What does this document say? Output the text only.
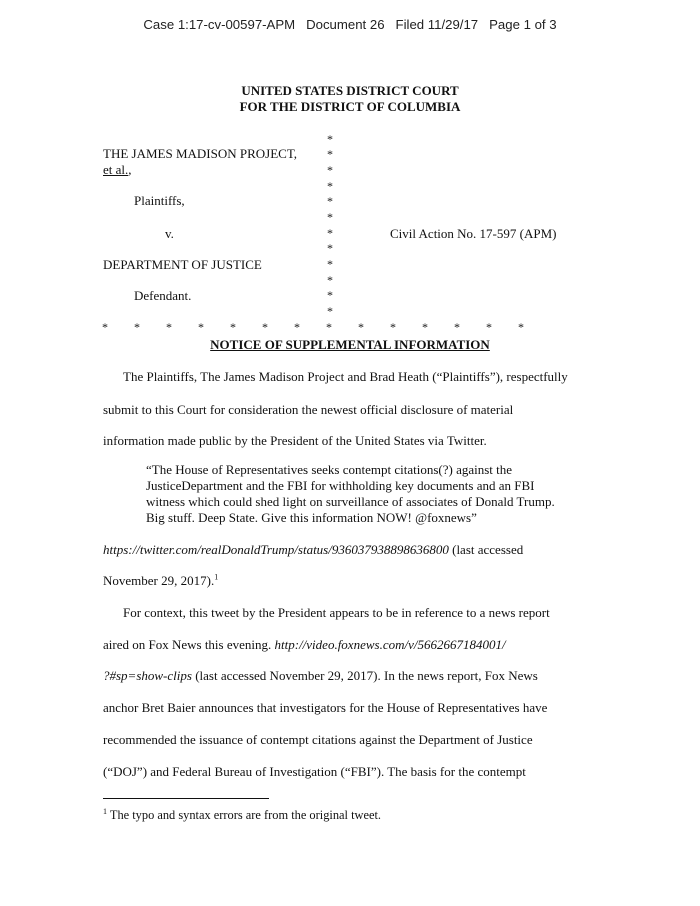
Case 1:17-cv-00597-APM   Document 26   Filed 11/29/17   Page 1 of 3
UNITED STATES DISTRICT COURT
FOR THE DISTRICT OF COLUMBIA
THE JAMES MADISON PROJECT,
et al.,
Plaintiffs,
v.	Civil Action No. 17-597 (APM)
DEPARTMENT OF JUSTICE
Defendant.
*
*
*
*
*
*
*
*
*
*
*
*
* * * * * * * * * * * * * *
NOTICE OF SUPPLEMENTAL INFORMATION
The Plaintiffs, The James Madison Project and Brad Heath (“Plaintiffs”), respectfully
submit to this Court for consideration the newest official disclosure of material
information made public by the President of the United States via Twitter.
“The House of Representatives seeks contempt citations(?) against the
JusticeDepartment and the FBI for withholding key documents and an FBI
witness which could shed light on surveillance of associates of Donald Trump.
Big stuff. Deep State. Give this information NOW! @foxnews”
https://twitter.com/realDonaldTrump/status/936037938898636800 (last accessed
November 29, 2017).$^1$
For context, this tweet by the President appears to be in reference to a news report
aired on Fox News this evening. http://video.foxnews.com/v/5662667184001/
?#sp=show-clips (last accessed November 29, 2017). In the news report, Fox News
anchor Bret Baier announces that investigators for the House of Representatives have
recommended the issuance of contempt citations against the Department of Justice
(“DOJ”) and Federal Bureau of Investigation (“FBI”). The basis for the contempt
$^1$ The typo and syntax errors are from the original tweet.
